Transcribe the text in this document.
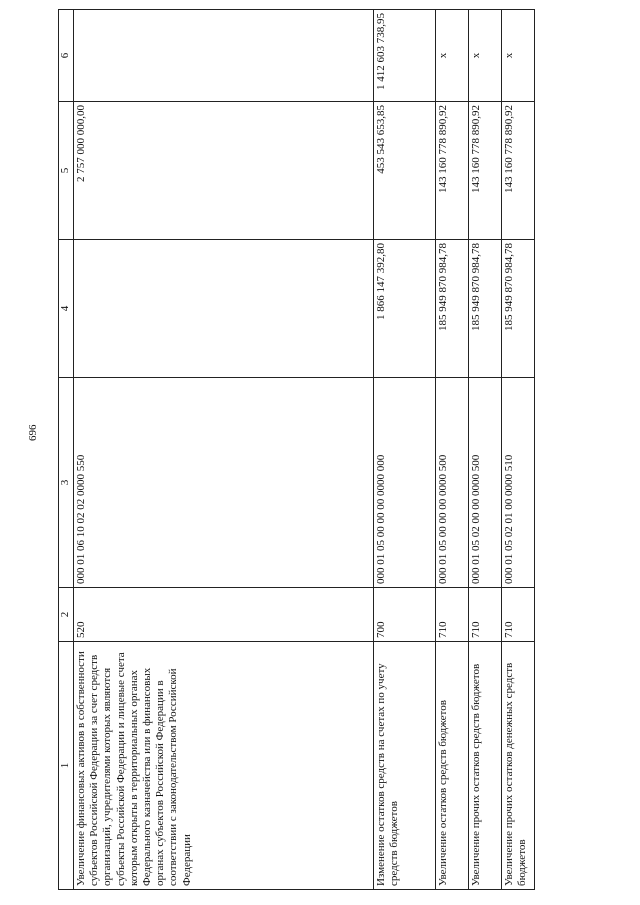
696
1	2	3	4	5	6
Увеличение финансовых активов в собственности субъектов Российской Федерации за счет средств организаций, учредителями которых являются субъекты Российской Федерации и лицевые счета которым открыты в территориальных органах Федерального казначейства или в финансовых органах субъектов Российской Федерации в соответствии с законодательством Российской Федерации	520	000 01 06 10 02 02 0000 550		2 757 000 000,00	
Изменение остатков средств на счетах по учету средств бюджетов	700	000 01 05 00 00 00 0000 000	1 866 147 392,80	453 543 653,85	1 412 603 738,95
Увеличение остатков средств бюджетов	710	000 01 05 00 00 00 0000 500	185 949 870 984,78	143 160 778 890,92	x
Увеличение прочих остатков средств бюджетов	710	000 01 05 02 00 00 0000 500	185 949 870 984,78	143 160 778 890,92	x
Увеличение прочих остатков денежных средств бюджетов	710	000 01 05 02 01 00 0000 510	185 949 870 984,78	143 160 778 890,92	x
